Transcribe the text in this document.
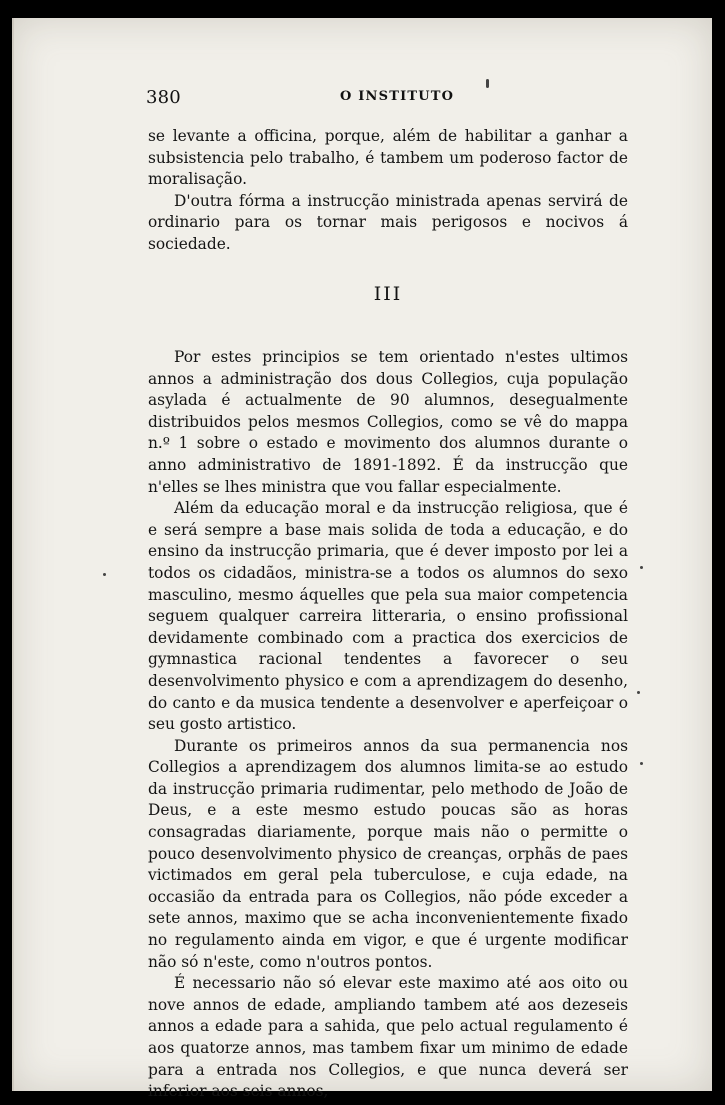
380	O INSTITUTO

se levante a officina, porque, além de habilitar a ganhar a subsistencia pelo trabalho, é tambem um poderoso factor de moralisação.

D'outra fórma a instrucção ministrada apenas servirá de ordinario para os tornar mais perigosos e nocivos á sociedade.

III

Por estes principios se tem orientado n'estes ultimos annos a administração dos dous Collegios, cuja população asylada é actualmente de 90 alumnos, desegualmente distribuidos pelos mesmos Collegios, como se vê do mappa n.º 1 sobre o estado e movimento dos alumnos durante o anno administrativo de 1891-1892. É da instrucção que n'elles se lhes ministra que vou fallar especialmente.

Além da educação moral e da instrucção religiosa, que é e será sempre a base mais solida de toda a educação, e do ensino da instrucção primaria, que é dever imposto por lei a todos os cidadãos, ministra-se a todos os alumnos do sexo masculino, mesmo áquelles que pela sua maior competencia seguem qualquer carreira litteraria, o ensino profissional devidamente combinado com a practica dos exercicios de gymnastica racional tendentes a favorecer o seu desenvolvimento physico e com a aprendizagem do desenho, do canto e da musica tendente a desenvolver e aperfeiçoar o seu gosto artistico.

Durante os primeiros annos da sua permanencia nos Collegios a aprendizagem dos alumnos limita-se ao estudo da instrucção primaria rudimentar, pelo methodo de João de Deus, e a este mesmo estudo poucas são as horas consagradas diariamente, porque mais não o permitte o pouco desenvolvimento physico de creanças, orphãs de paes victimados em geral pela tuberculose, e cuja edade, na occasião da entrada para os Collegios, não póde exceder a sete annos, maximo que se acha inconvenientemente fixado no regulamento ainda em vigor, e que é urgente modificar não só n'este, como n'outros pontos.

É necessario não só elevar este maximo até aos oito ou nove annos de edade, ampliando tambem até aos dezeseis annos a edade para a sahida, que pelo actual regulamento é aos quatorze annos, mas tambem fixar um minimo de edade para a entrada nos Collegios, e que nunca deverá ser inferior aos seis annos,
